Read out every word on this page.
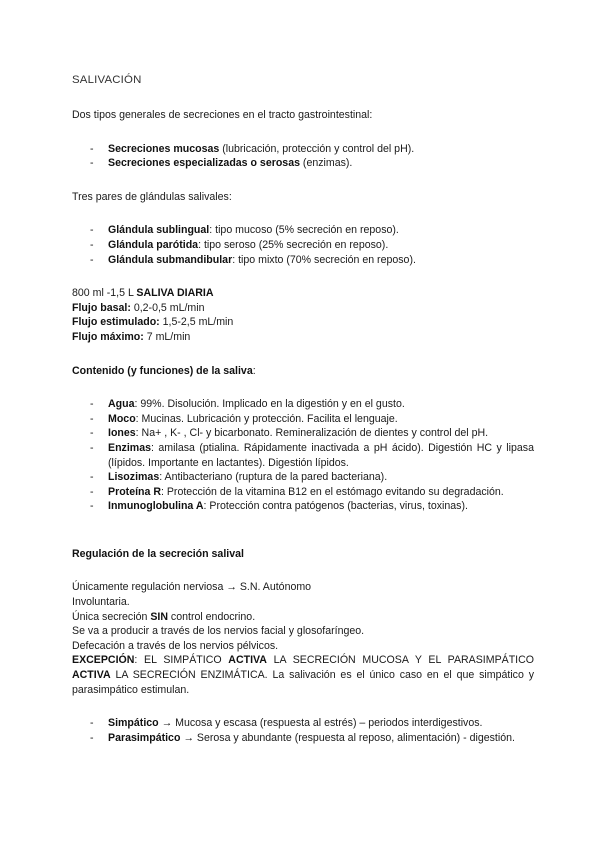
SALIVACIÓN

Dos tipos generales de secreciones en el tracto gastrointestinal:

- Secreciones mucosas (lubricación, protección y control del pH).
- Secreciones especializadas o serosas (enzimas).

Tres pares de glándulas salivales:

- Glándula sublingual: tipo mucoso (5% secreción en reposo).
- Glándula parótida: tipo seroso (25% secreción en reposo).
- Glándula submandibular: tipo mixto (70% secreción en reposo).

800 ml -1,5 L SALIVA DIARIA

Flujo basal: 0,2-0,5 mL/min

Flujo estimulado: 1,5-2,5 mL/min

Flujo máximo: 7 mL/min

Contenido (y funciones) de la saliva:

- Agua: 99%. Disolución. Implicado en la digestión y en el gusto.
- Moco: Mucinas. Lubricación y protección. Facilita el lenguaje.
- Iones: Na+ , K- , Cl- y bicarbonato. Remineralización de dientes y control del pH.
- Enzimas: amilasa (ptialina. Rápidamente inactivada a pH ácido). Digestión HC y lipasa (lípidos. Importante en lactantes). Digestión lípidos.
- Lisozimas: Antibacteriano (ruptura de la pared bacteriana).
- Proteína R: Protección de la vitamina B12 en el estómago evitando su degradación.
- Inmunoglobulina A: Protección contra patógenos (bacterias, virus, toxinas).

Regulación de la secreción salival

Únicamente regulación nerviosa → S.N. Autónomo

Involuntaria.

Única secreción SIN control endocrino.

Se va a producir a través de los nervios facial y glosofaríngeo.

Defecación a través de los nervios pélvicos.

EXCEPCIÓN: EL SIMPÁTICO ACTIVA LA SECRECIÓN MUCOSA Y EL PARASIMPÁTICO ACTIVA LA SECRECIÓN ENZIMÁTICA. La salivación es el único caso en el que simpático y parasimpático estimulan.

- Simpático → Mucosa y escasa (respuesta al estrés) – periodos interdigestivos.
- Parasimpático → Serosa y abundante (respuesta al reposo, alimentación) - digestión.
